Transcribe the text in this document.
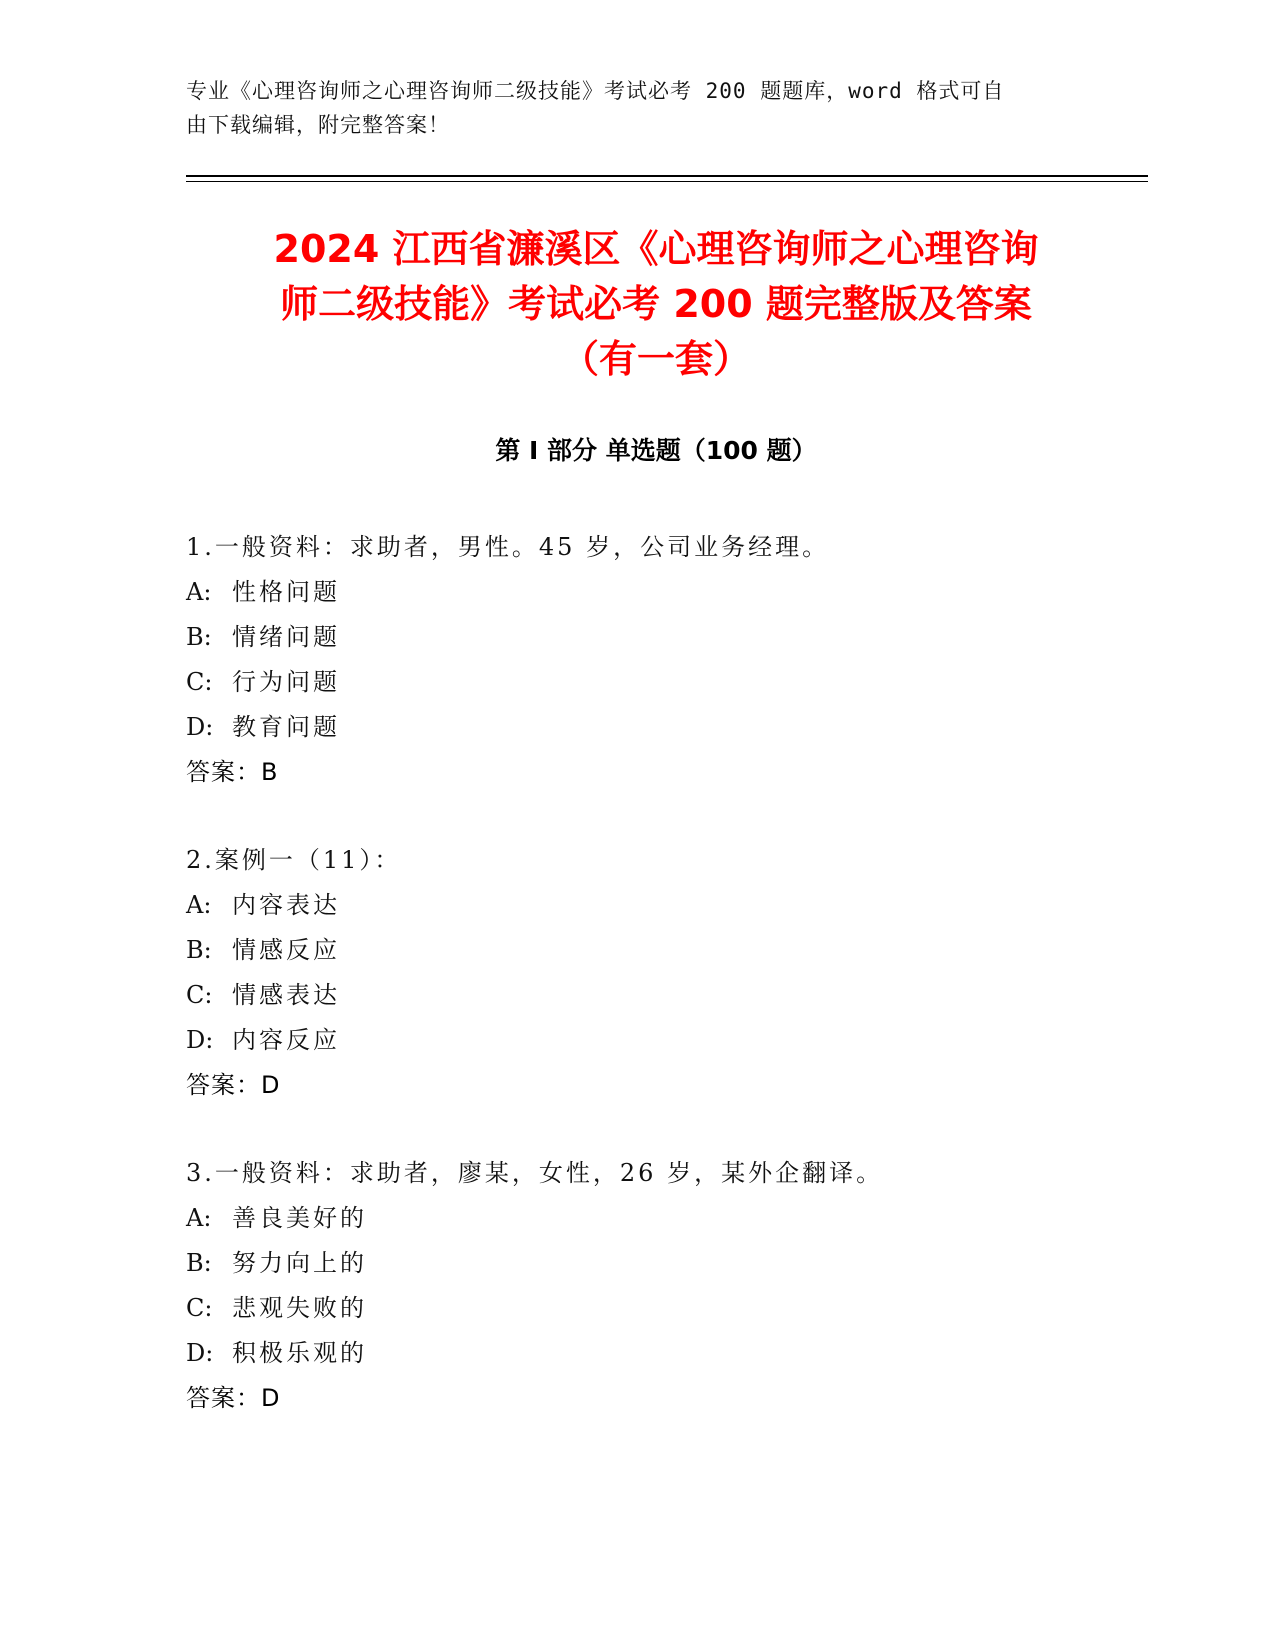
专业《心理咨询师之心理咨询师二级技能》考试必考 200 题题库，word 格式可自
由下载编辑，附完整答案！
2024 江西省濂溪区《心理咨询师之心理咨询
师二级技能》考试必考 200 题完整版及答案
（有一套）
第 I 部分 单选题（100 题）
1.一般资料：求助者，男性。45 岁，公司业务经理。
A: 性格问题
B: 情绪问题
C: 行为问题
D: 教育问题
答案：B
2.案例一（11）：
A: 内容表达
B: 情感反应
C: 情感表达
D: 内容反应
答案：D
3.一般资料：求助者，廖某，女性，26 岁，某外企翻译。
A: 善良美好的
B: 努力向上的
C: 悲观失败的
D: 积极乐观的
答案：D
